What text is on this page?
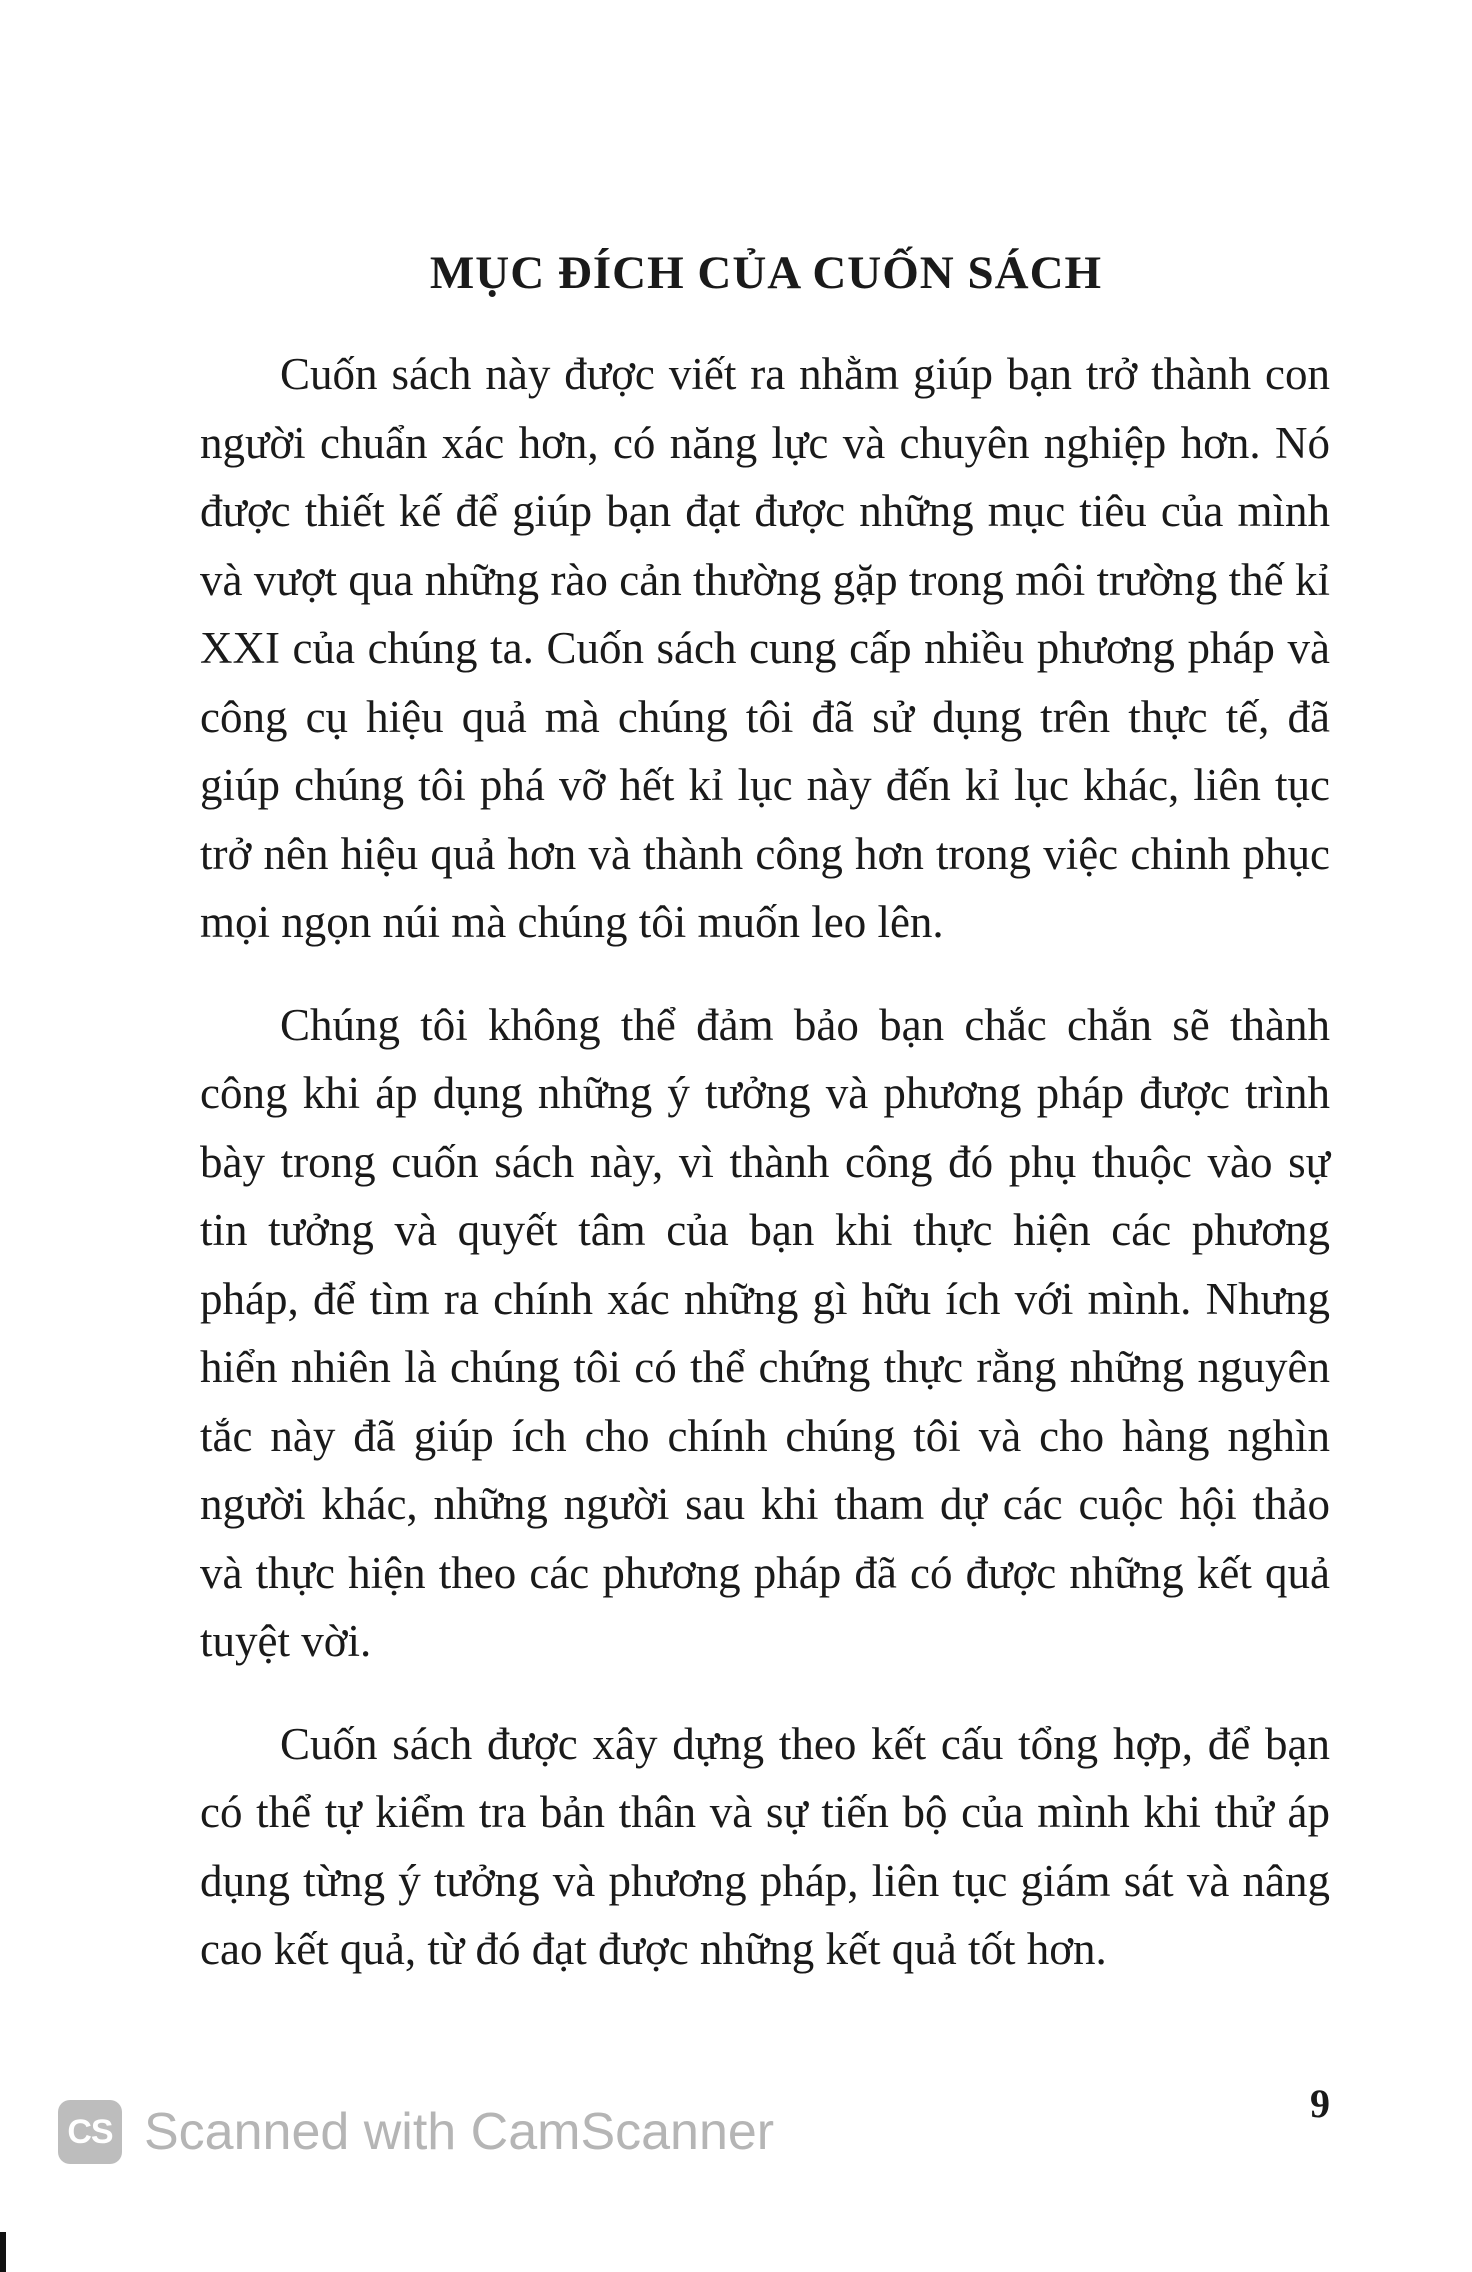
MỤC ĐÍCH CỦA CUỐN SÁCH

Cuốn sách này được viết ra nhằm giúp bạn trở thành con người chuẩn xác hơn, có năng lực và chuyên nghiệp hơn. Nó được thiết kế để giúp bạn đạt được những mục tiêu của mình và vượt qua những rào cản thường gặp trong môi trường thế kỉ XXI của chúng ta. Cuốn sách cung cấp nhiều phương pháp và công cụ hiệu quả mà chúng tôi đã sử dụng trên thực tế, đã giúp chúng tôi phá vỡ hết kỉ lục này đến kỉ lục khác, liên tục trở nên hiệu quả hơn và thành công hơn trong việc chinh phục mọi ngọn núi mà chúng tôi muốn leo lên.

Chúng tôi không thể đảm bảo bạn chắc chắn sẽ thành công khi áp dụng những ý tưởng và phương pháp được trình bày trong cuốn sách này, vì thành công đó phụ thuộc vào sự tin tưởng và quyết tâm của bạn khi thực hiện các phương pháp, để tìm ra chính xác những gì hữu ích với mình. Nhưng hiển nhiên là chúng tôi có thể chứng thực rằng những nguyên tắc này đã giúp ích cho chính chúng tôi và cho hàng nghìn người khác, những người sau khi tham dự các cuộc hội thảo và thực hiện theo các phương pháp đã có được những kết quả tuyệt vời.

Cuốn sách được xây dựng theo kết cấu tổng hợp, để bạn có thể tự kiểm tra bản thân và sự tiến bộ của mình khi thử áp dụng từng ý tưởng và phương pháp, liên tục giám sát và nâng cao kết quả, từ đó đạt được những kết quả tốt hơn.

9
CS Scanned with CamScanner
